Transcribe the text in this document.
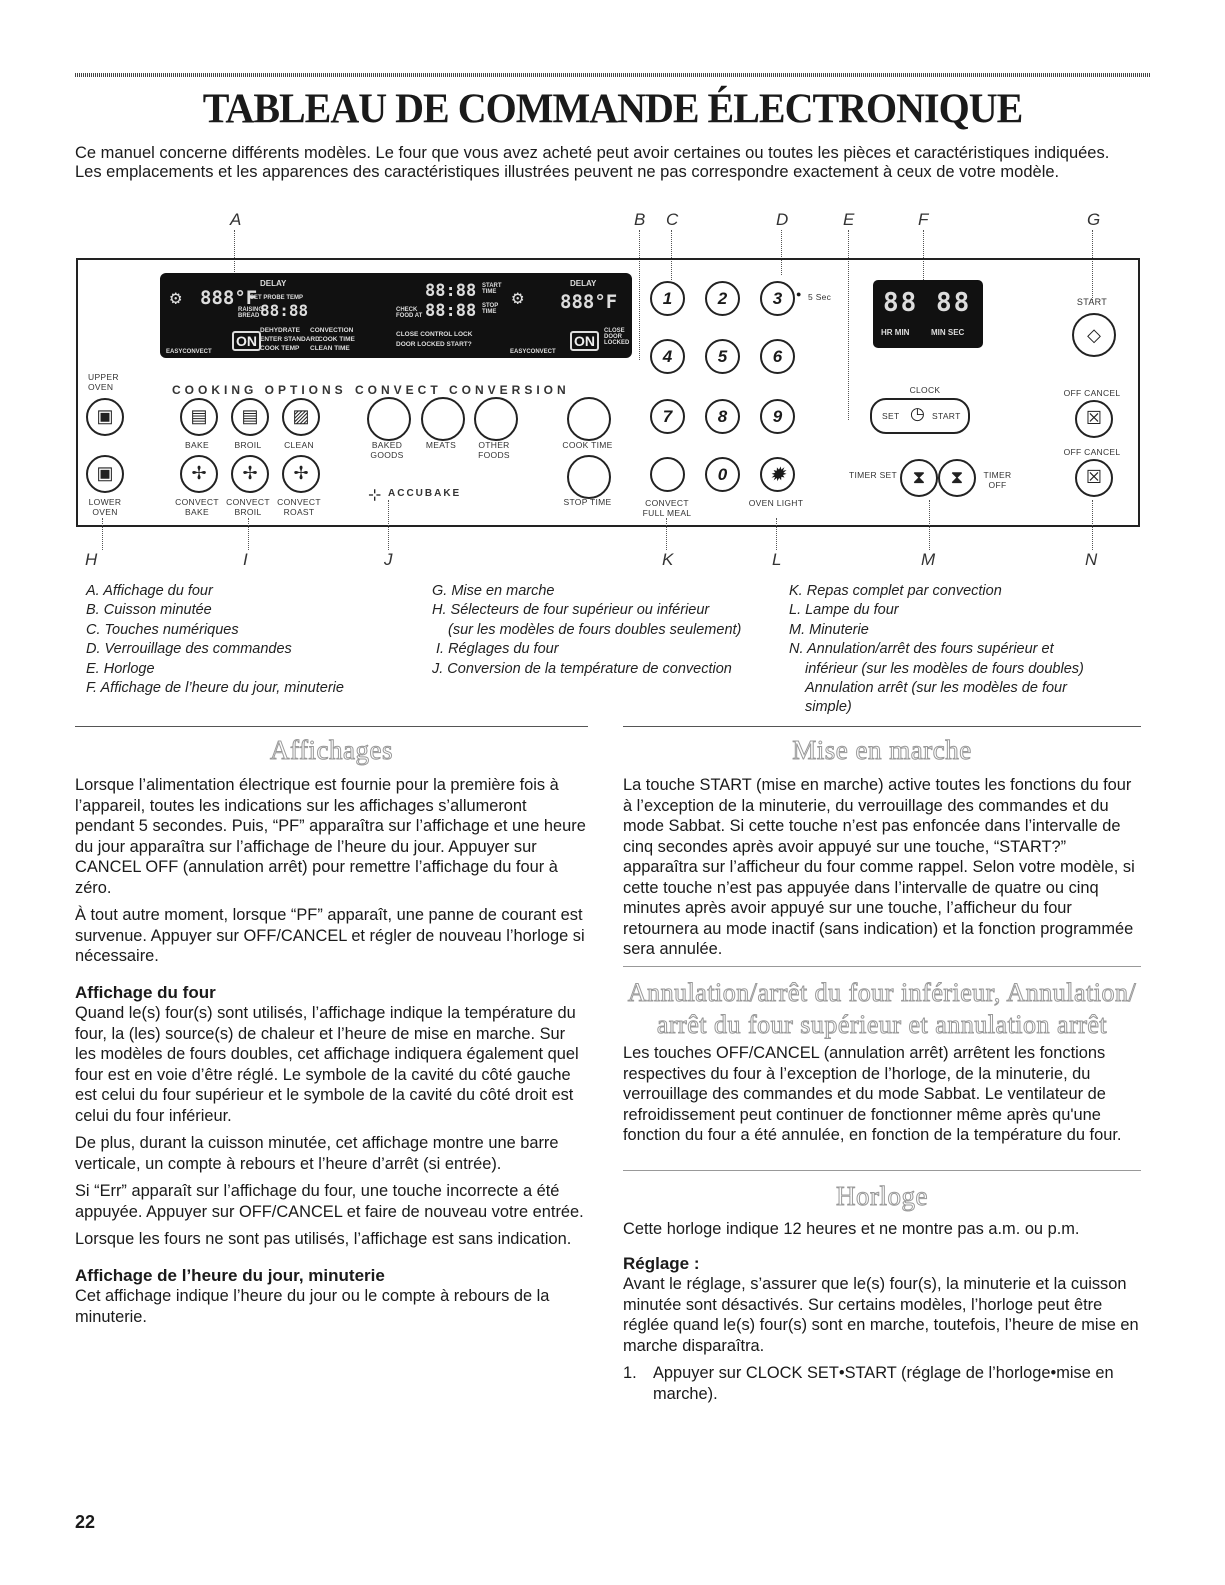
TABLEAU DE COMMANDE ÉLECTRONIQUE
Ce manuel concerne différents modèles. Le four que vous avez acheté peut avoir certaines ou toutes les pièces et caractéristiques indiquées. Les emplacements et les apparences des caractéristiques illustrées peuvent ne pas correspondre exactement à ceux de votre modèle.
A	B C	D	E	F	G
DELAY
SET PROBE TEMP
⚙ 888°F
88:88
RAISING BREAD
ON
DEHYDRATE CONVECTION
ENTER STANDARD
COOK TIME
COOK TEMP CLEAN TIME
EASYCONVECT
88:88 START TIME
CHECK FOOD AT 88:88 STOP TIME
CLOSE CONTROL LOCK
DOOR LOCKED START?
DELAY
⚙ 888°F
ON
CLOSE DOOR LOCKED
EASYCONVECT
88 88
HR MIN	MIN SEC
UPPER OVEN
▣
▣
LOWER OVEN
COOKING OPTIONS CONVECT CONVERSION
▤	▤	▨
BAKE	BROIL	CLEAN	BAKED GOODS
MEATS	OTHER FOODS
COOK TIME
✢	✢	✢
CONVECT BAKE
CONVECT BROIL
CONVECT ROAST
⊹ ACCUBAKE
STOP TIME
1	2	3	● 5 Sec
4	5	6
7	8	9
0	✹
CONVECT FULL MEAL
OVEN LIGHT
CLOCK
SET ◷ START
TIMER SET ⧗	⧗	TIMER OFF
START
◇
OFF CANCEL
☒
OFF CANCEL
☒
H	I	J	K	L	M	N
A. Affichage du four
B. Cuisson minutée
C. Touches numériques
D. Verrouillage des commandes
E. Horloge
F. Affichage de l’heure du jour, minuterie
G. Mise en marche
H. Sélecteurs de four supérieur ou inférieur
(sur les modèles de fours doubles seulement)
I. Réglages du four
J. Conversion de la température de convection
K. Repas complet par convection
L. Lampe du four
M. Minuterie
N. Annulation/arrêt des fours supérieur et
inférieur (sur les modèles de fours doubles)
Annulation arrêt (sur les modèles de four
simple)
Affichages

Lorsque l’alimentation électrique est fournie pour la première fois à l’appareil, toutes les indications sur les affichages s’allumeront pendant 5 secondes. Puis, “PF” apparaîtra sur l’affichage et une heure du jour apparaîtra sur l’affichage de l’heure du jour. Appuyer sur CANCEL OFF (annulation arrêt) pour remettre l’affichage du four à zéro.

À tout autre moment, lorsque “PF” apparaît, une panne de courant est survenue. Appuyer sur OFF/CANCEL et régler de nouveau l’horloge si nécessaire.

Affichage du four

Quand le(s) four(s) sont utilisés, l’affichage indique la température du four, la (les) source(s) de chaleur et l’heure de mise en marche. Sur les modèles de fours doubles, cet affichage indiquera également quel four est en voie d’être réglé. Le symbole de la cavité du côté gauche est celui du four supérieur et le symbole de la cavité du côté droit est celui du four inférieur.

De plus, durant la cuisson minutée, cet affichage montre une barre verticale, un compte à rebours et l’heure d’arrêt (si entrée).

Si “Err” apparaît sur l’affichage du four, une touche incorrecte a été appuyée. Appuyer sur OFF/CANCEL et faire de nouveau votre entrée.

Lorsque les fours ne sont pas utilisés, l’affichage est sans indication.

Affichage de l’heure du jour, minuterie

Cet affichage indique l’heure du jour ou le compte à rebours de la minuterie.

Mise en marche

La touche START (mise en marche) active toutes les fonctions du four à l’exception de la minuterie, du verrouillage des commandes et du mode Sabbat. Si cette touche n’est pas enfoncée dans l’intervalle de cinq secondes après avoir appuyé sur une touche, “START?” apparaîtra sur l’afficheur du four comme rappel. Selon votre modèle, si cette touche n’est pas appuyée dans l’intervalle de quatre ou cinq minutes après avoir appuyé sur une touche, l’afficheur du four retournera au mode inactif (sans indication) et la fonction programmée sera annulée.

Annulation/arrêt du four inférieur, Annulation/
arrêt du four supérieur et annulation arrêt

Les touches OFF/CANCEL (annulation arrêt) arrêtent les fonctions respectives du four à l’exception de l’horloge, de la minuterie, du verrouillage des commandes et du mode Sabbat. Le ventilateur de refroidissement peut continuer de fonctionner même après qu'une fonction du four a été annulée, en fonction de la température du four.

Horloge

Cette horloge indique 12 heures et ne montre pas a.m. ou p.m.

Réglage :

Avant le réglage, s’assurer que le(s) four(s), la minuterie et la cuisson minutée sont désactivés. Sur certains modèles, l’horloge peut être réglée quand le(s) four(s) sont en marche, toutefois, l’heure de mise en marche disparaîtra.

1. Appuyer sur CLOCK SET•START (réglage de l’horloge•mise en marche).
22
